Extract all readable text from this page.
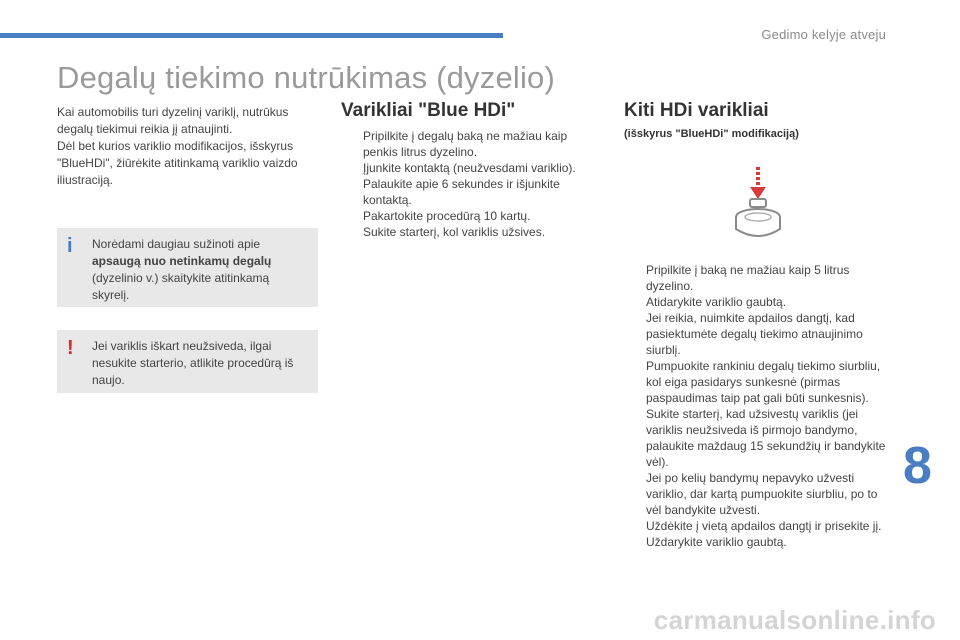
Gedimo kelyje atveju
Degalų tiekimo nutrūkimas (dyzelio)

Kai automobilis turi dyzelinį variklį, nutrūkus degalų tiekimui reikia jį atnaujinti.

Dėl bet kurios variklio modifikacijos, išskyrus "BlueHDi", žiūrėkite atitinkamą variklio vaizdo iliustraciją.

i Norėdami daugiau sužinoti apie apsaugą nuo netinkamų degalų (dyzelinio v.) skaitykite atitinkamą skyrelį.
! Jei variklis iškart neužsiveda, ilgai nesukite starterio, atlikite procedūrą iš naujo.
Varikliai "Blue HDi"
Pripilkite į degalų baką ne mažiau kaip penkis litrus dyzelino.
Įjunkite kontaktą (neužvesdami variklio).
Palaukite apie 6 sekundes ir išjunkite kontaktą.
Pakartokite procedūrą 10 kartų.
Sukite starterį, kol variklis užsives.
Kiti HDi varikliai
(išskyrus "BlueHDi" modifikaciją)
Pripilkite į baką ne mažiau kaip 5 litrus dyzelino.
Atidarykite variklio gaubtą.
Jei reikia, nuimkite apdailos dangtį, kad pasiektumėte degalų tiekimo atnaujinimo siurblį.
Pumpuokite rankiniu degalų tiekimo siurbliu, kol eiga pasidarys sunkesnė (pirmas paspaudimas taip pat gali būti sunkesnis).
Sukite starterį, kad užsivestų variklis (jei variklis neužsiveda iš pirmojo bandymo, palaukite maždaug 15 sekundžių ir bandykite vėl).
Jei po kelių bandymų nepavyko užvesti variklio, dar kartą pumpuokite siurbliu, po to vėl bandykite užvesti.
Uždėkite į vietą apdailos dangtį ir prisekite jį.
Uždarykite variklio gaubtą.
8
carmanualsonline.info
